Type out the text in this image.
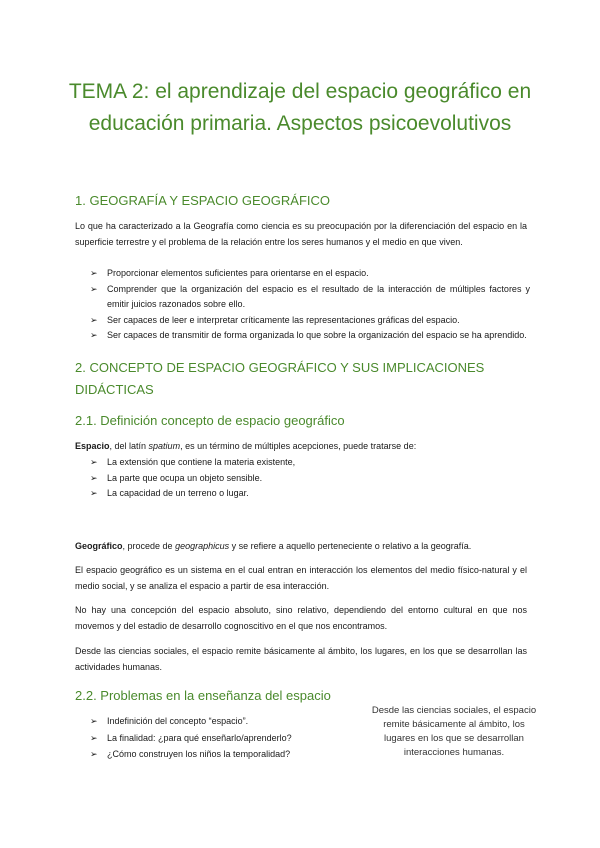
TEMA 2: el aprendizaje del espacio geográfico en educación primaria. Aspectos psicoevolutivos
1. GEOGRAFÍA Y ESPACIO GEOGRÁFICO
Lo que ha caracterizado a la Geografía como ciencia es su preocupación por la diferenciación del espacio en la superficie terrestre y el problema de la relación entre los seres humanos y el medio en que viven.
➢ Proporcionar elementos suficientes para orientarse en el espacio.
➢ Comprender que la organización del espacio es el resultado de la interacción de múltiples factores y emitir juicios razonados sobre ello.
➢ Ser capaces de leer e interpretar críticamente las representaciones gráficas del espacio.
➢ Ser capaces de transmitir de forma organizada lo que sobre la organización del espacio se ha aprendido.
2. CONCEPTO DE ESPACIO GEOGRÁFICO Y SUS IMPLICACIONES DIDÁCTICAS
2.1. Definición concepto de espacio geográfico
Espacio, del latín spatium, es un término de múltiples acepciones, puede tratarse de:
➢ La extensión que contiene la materia existente,
➢ La parte que ocupa un objeto sensible.
➢ La capacidad de un terreno o lugar.
Geográfico, procede de geographicus y se refiere a aquello perteneciente o relativo a la geografía.
El espacio geográfico es un sistema en el cual entran en interacción los elementos del medio físico-natural y el medio social, y se analiza el espacio a partir de esa interacción.
No hay una concepción del espacio absoluto, sino relativo, dependiendo del entorno cultural en que nos movemos y del estadio de desarrollo cognoscitivo en el que nos encontramos.
Desde las ciencias sociales, el espacio remite básicamente al ámbito, los lugares, en los que se desarrollan las actividades humanas.
2.2. Problemas en la enseñanza del espacio
➢ Indefinición del concepto “espacio”.
➢ La finalidad: ¿para qué enseñarlo/aprenderlo?
➢ ¿Cómo construyen los niños la temporalidad?
Desde las ciencias sociales, el espacio remite básicamente al ámbito, los lugares en los que se desarrollan interacciones humanas.
